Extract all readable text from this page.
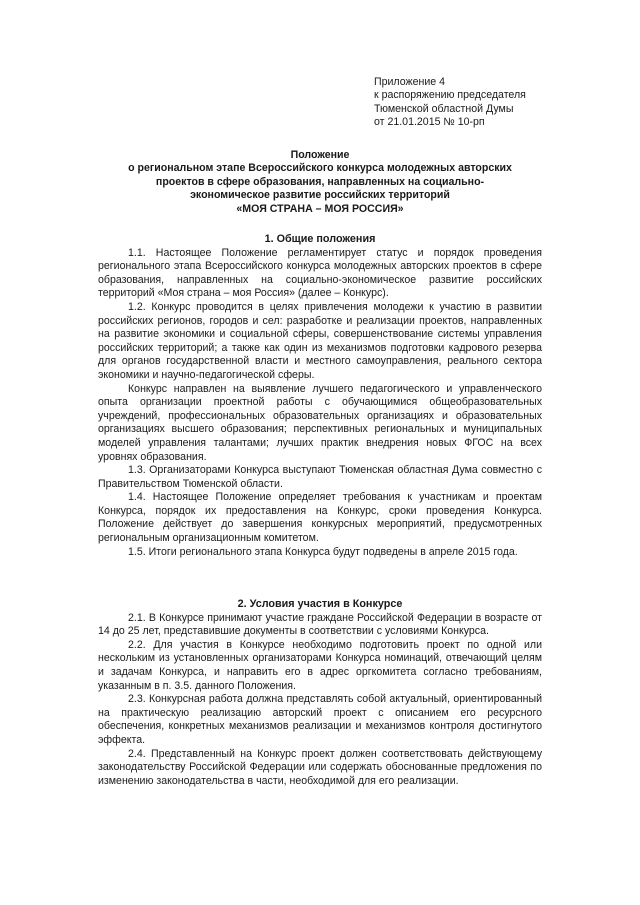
Приложение 4
к распоряжению председателя
Тюменской областной Думы
от 21.01.2015 № 10-рп
Положение
о региональном этапе Всероссийского конкурса молодежных авторских
проектов в сфере образования, направленных на социально-
экономическое развитие российских территорий
«МОЯ СТРАНА – МОЯ РОССИЯ»
1. Общие положения

1.1. Настоящее Положение регламентирует статус и порядок проведения регионального этапа Всероссийского конкурса молодежных авторских проектов в сфере образования, направленных на социально-экономическое развитие российских территорий «Моя страна – моя Россия» (далее – Конкурс).

1.2. Конкурс проводится в целях привлечения молодежи к участию в развитии российских регионов, городов и сел: разработке и реализации проектов, направленных на развитие экономики и социальной сферы, совершенствование системы управления российских территорий; а также как один из механизмов подготовки кадрового резерва для органов государственной власти и местного самоуправления, реального сектора экономики и научно-педагогической сферы.

Конкурс направлен на выявление лучшего педагогического и управленческого опыта организации проектной работы с обучающимися общеобразовательных учреждений, профессиональных образовательных организациях и образовательных организациях высшего образования; перспективных региональных и муниципальных моделей управления талантами; лучших практик внедрения новых ФГОС на всех уровнях образования.

1.3. Организаторами Конкурса выступают Тюменская областная Дума совместно с Правительством Тюменской области.

1.4. Настоящее Положение определяет требования к участникам и проектам Конкурса, порядок их предоставления на Конкурс, сроки проведения Конкурса. Положение действует до завершения конкурсных мероприятий, предусмотренных региональным организационным комитетом.

1.5. Итоги регионального этапа Конкурса будут подведены в апреле 2015 года.

2. Условия участия в Конкурсе

2.1. В Конкурсе принимают участие граждане Российской Федерации в возрасте от 14 до 25 лет, представившие документы в соответствии с условиями Конкурса.

2.2. Для участия в Конкурсе необходимо подготовить проект по одной или нескольким из установленных организаторами Конкурса номинаций, отвечающий целям и задачам Конкурса, и направить его в адрес оргкомитета согласно требованиям, указанным в п. 3.5. данного Положения.

2.3. Конкурсная работа должна представлять собой актуальный, ориентированный на практическую реализацию авторский проект с описанием его ресурсного обеспечения, конкретных механизмов реализации и механизмов контроля достигнутого эффекта.

2.4. Представленный на Конкурс проект должен соответствовать действующему законодательству Российской Федерации или содержать обоснованные предложения по изменению законодательства в части, необходимой для его реализации.
